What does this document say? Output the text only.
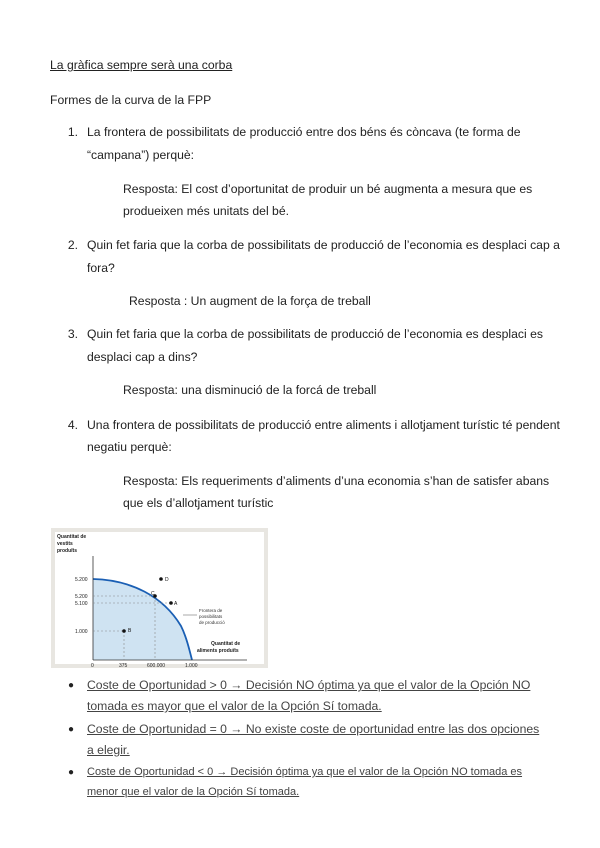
La gràfica sempre serà una corba
Formes de la curva de la FPP
1. La frontera de possibilitats de producció entre dos béns és còncava (te forma de
“campana”) perquè:
Resposta: El cost d’oportunitat de produir un bé augmenta a mesura que es
produeixen més unitats del bé.
2. Quin fet faria que la corba de possibilitats de producció de l’economia es desplaci cap a
fora?
Resposta : Un augment de la força de treball
3. Quin fet faria que la corba de possibilitats de producció de l’economia es desplaci es
desplaci cap a dins?
Resposta: una disminució de la forcá de treball
4. Una frontera de possibilitats de producció entre aliments i allotjament turístic té pendent
negatiu perquè:
Resposta: Els requeriments d’aliments d’una economia s’han de satisfer abans
que els d’allotjament turístic
Quantitat de
vestits
produïts
5.200
5.200
5.100
1.000
0	375	600.000	1.000
D
C
A
B
Frontera de
possibilitats
de producció
Quantitat de
aliments produïts
● Coste de Oportunidad > 0 → Decisión NO óptima ya que el valor de la Opción NO
tomada es mayor que el valor de la Opción Sí tomada.
● Coste de Oportunidad = 0 → No existe coste de oportunidad entre las dos opciones
a elegir.
● Coste de Oportunidad < 0 → Decisión óptima ya que el valor de la Opción NO tomada es
menor que el valor de la Opción Sí tomada.
